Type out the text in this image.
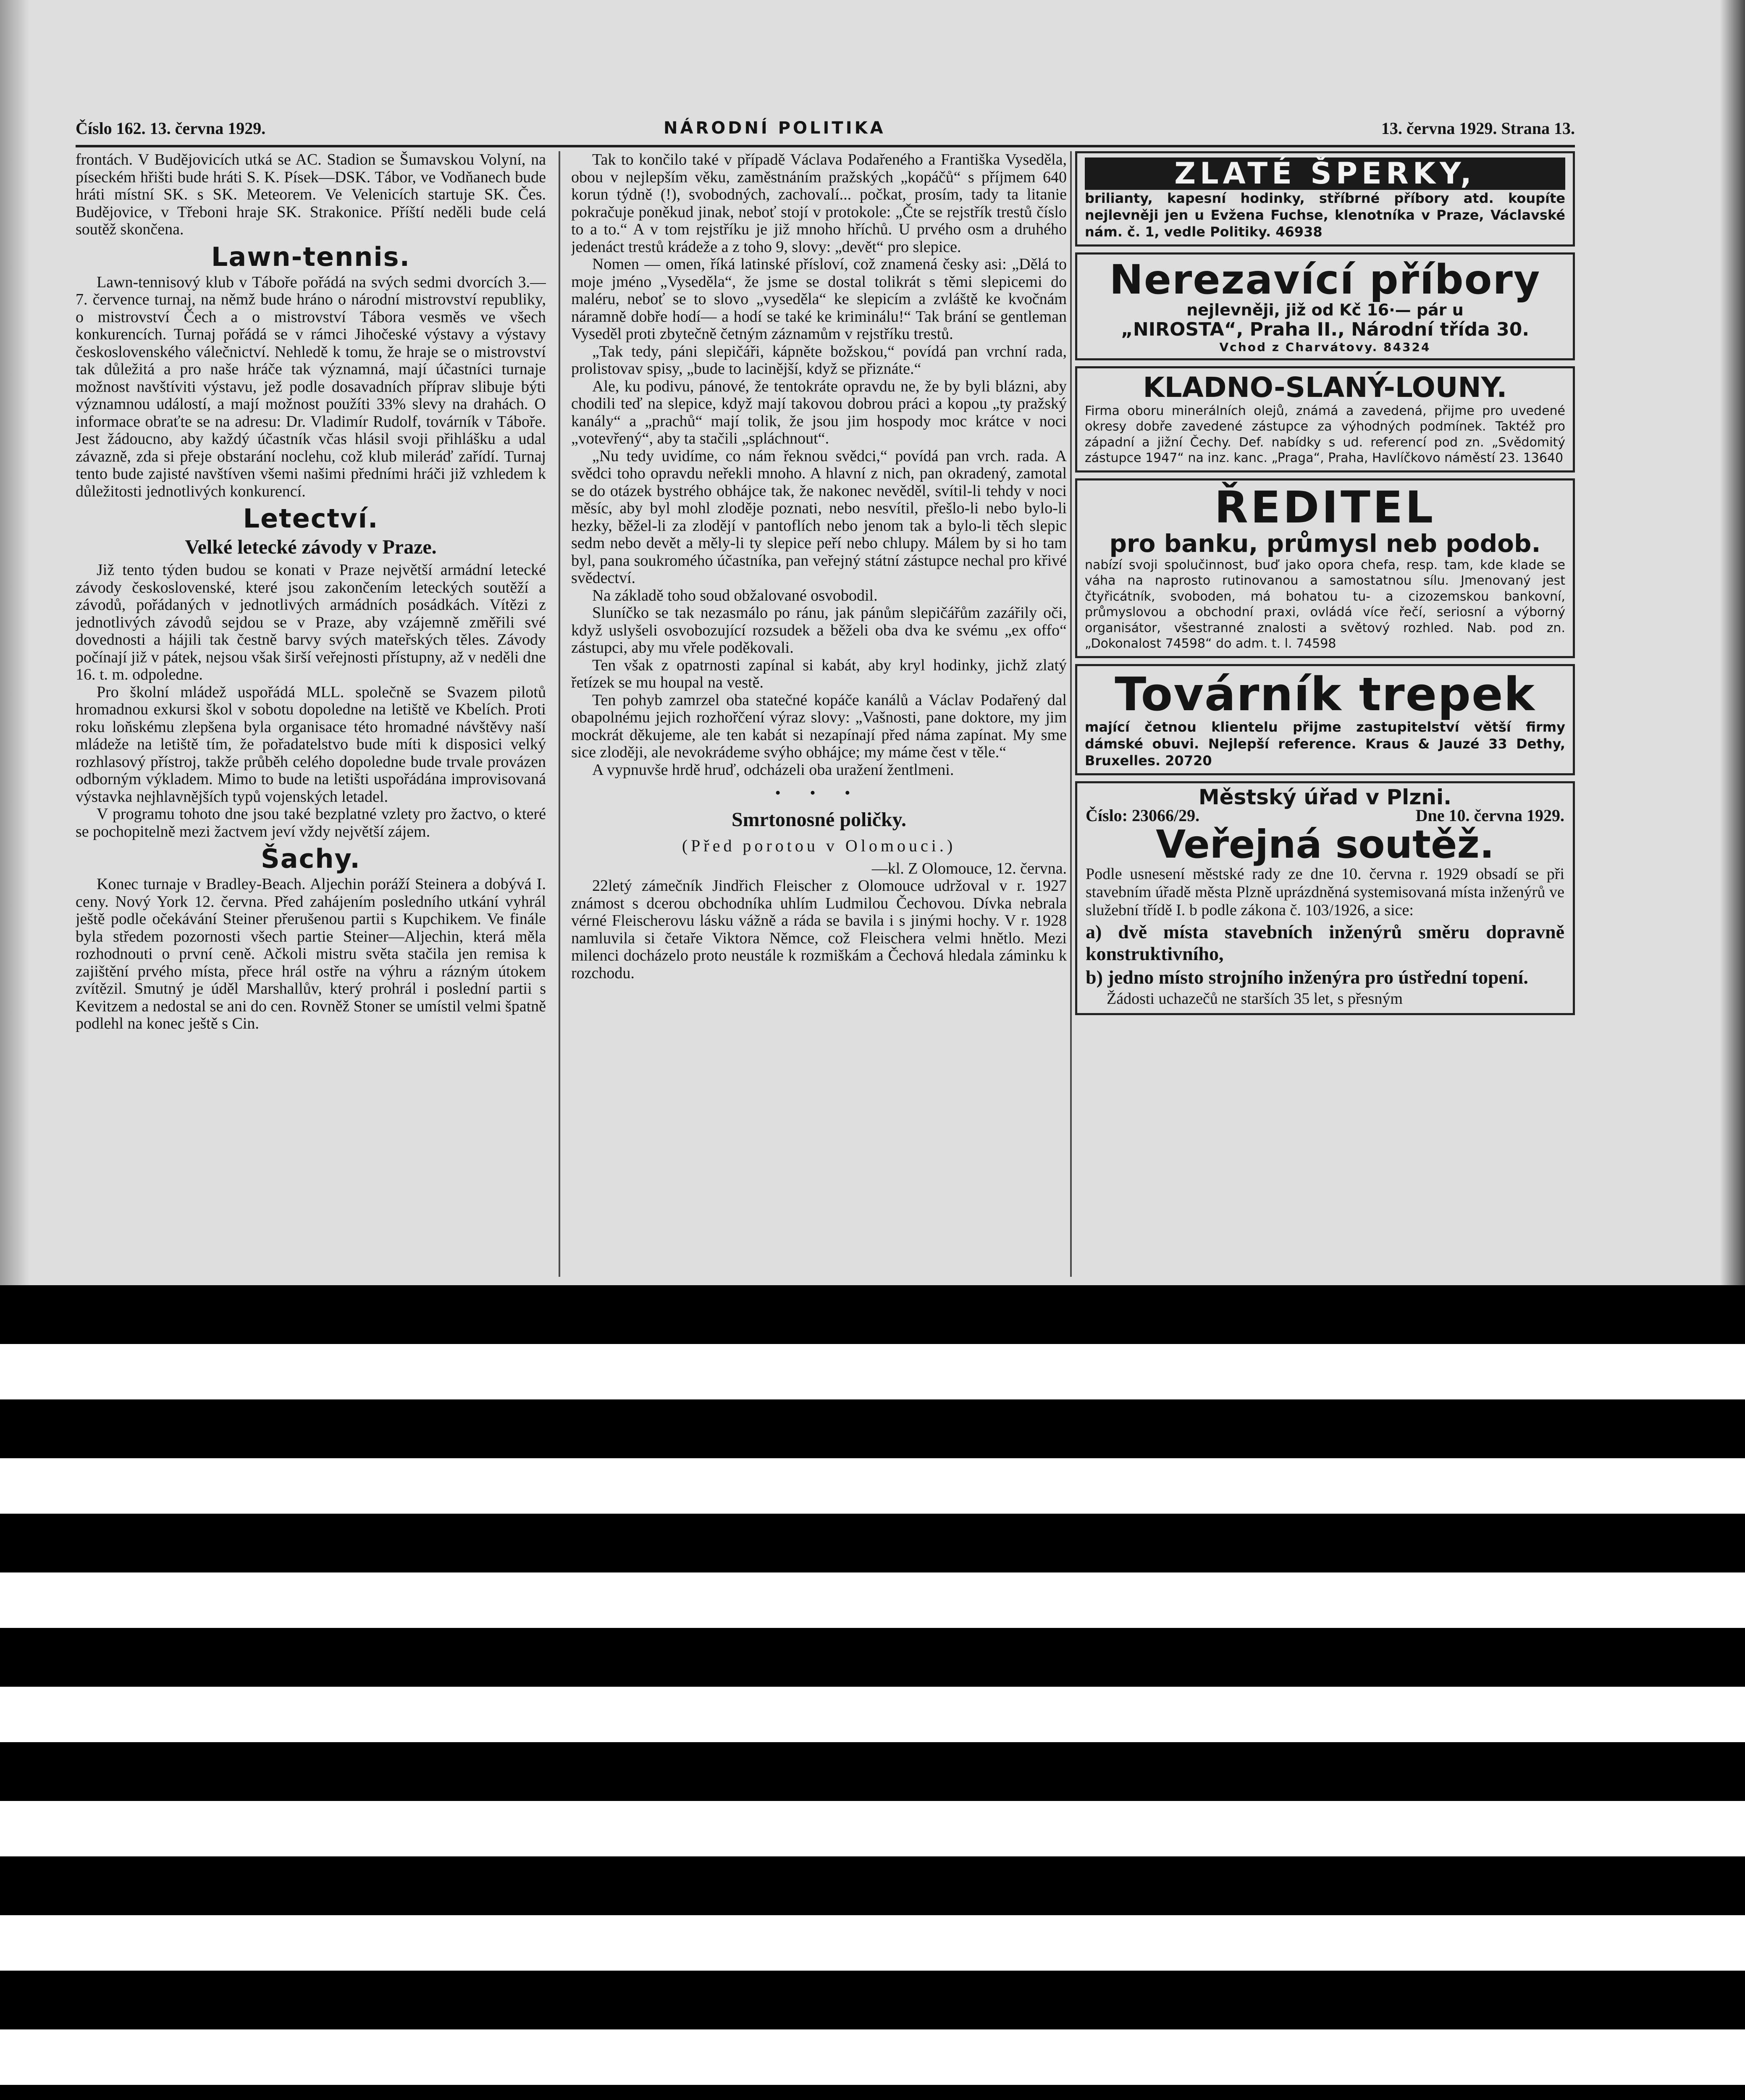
Číslo 162. 13. června 1929.	NÁRODNÍ POLITIKA	13. června 1929. Strana 13.

frontách. V Budějovicích utká se AC. Stadion se Šumavskou Volyní, na píseckém hřišti bude hráti S. K. Písek—DSK. Tábor, ve Vodňanech bude hráti místní SK. s SK. Meteorem. Ve Velenicích startuje SK. Čes. Budějovice, v Třeboni hraje SK. Strakonice. Příští neděli bude celá soutěž skončena.

Lawn-tennis.

Lawn-tennisový klub v Táboře pořádá na svých sedmi dvorcích 3.—7. července turnaj, na němž bude hráno o národní mistrovství republiky, o mistrovství Čech a o mistrovství Tábora vesměs ve všech konkurencích. Turnaj pořádá se v rámci Jihočeské výstavy a výstavy československého válečnictví. Nehledě k tomu, že hraje se o mistrovství tak důležitá a pro naše hráče tak významná, mají účastníci turnaje možnost navštíviti výstavu, jež podle dosavadních příprav slibuje býti významnou událostí, a mají možnost použíti 33% slevy na drahách. O informace obraťte se na adresu: Dr. Vladimír Rudolf, továrník v Táboře. Jest žádoucno, aby každý účastník včas hlásil svoji přihlášku a udal závazně, zda si přeje obstarání noclehu, což klub mileráď zařídí. Turnaj tento bude zajisté navštíven všemi našimi předními hráči již vzhledem k důležitosti jednotlivých konkurencí.

Letectví.
Velké letecké závody v Praze.

Již tento týden budou se konati v Praze největší armádní letecké závody československé, které jsou zakončením leteckých soutěží a závodů, pořádaných v jednotlivých armádních posádkách. Vítězi z jednotlivých závodů sejdou se v Praze, aby vzájemně změřili své dovednosti a hájili tak čestně barvy svých mateřských těles. Závody počínají již v pátek, nejsou však širší veřejnosti přístupny, až v neděli dne 16. t. m. odpoledne.

Pro školní mládež uspořádá MLL. společně se Svazem pilotů hromadnou exkursi škol v sobotu dopoledne na letiště ve Kbelích. Proti roku loňskému zlepšena byla organisace této hromadné návštěvy naší mládeže na letiště tím, že pořadatelstvo bude míti k disposici velký rozhlasový přístroj, takže průběh celého dopoledne bude trvale provázen odborným výkladem. Mimo to bude na letišti uspořádána improvisovaná výstavka nejhlavnějších typů vojenských letadel.

V programu tohoto dne jsou také bezplatné vzlety pro žactvo, o které se pochopitelně mezi žactvem jeví vždy největší zájem.

Šachy.

Konec turnaje v Bradley-Beach. Aljechin poráží Steinera a dobývá I. ceny. Nový York 12. června. Před zahájením posledního utkání vyhrál ještě podle očekávání Steiner přerušenou partii s Kupchikem. Ve finále byla středem pozornosti všech partie Steiner—Aljechin, která měla rozhodnouti o první ceně. Ačkoli mistru světa stačila jen remisa k zajištění prvého místa, přece hrál ostře na výhru a rázným útokem zvítězil. Smutný je úděl Marshallův, který prohrál i poslední partii s Kevitzem a nedostal se ani do cen. Rovněž Stoner se umístil velmi špatně podlehl na konec ještě s Cin.

Tak to končilo také v případě Václava Podařeného a Františka Vyseděla, obou v nejlepším věku, zaměstnáním pražských „kopáčů“ s příjmem 640 korun týdně (!), svobodných, zachovalí... počkat, prosím, tady ta litanie pokračuje poněkud jinak, neboť stojí v protokole: „Čte se rejstřík trestů číslo to a to.“ A v tom rejstříku je již mnoho hříchů. U prvého osm a druhého jedenáct trestů krádeže a z toho 9, slovy: „devět“ pro slepice.

Nomen — omen, říká latinské přísloví, což znamená česky asi: „Dělá to moje jméno „Vyseděla“, že jsme se dostal tolikrát s těmi slepicemi do maléru, neboť se to slovo „vyseděla“ ke slepicím a zvláště ke kvočnám náramně dobře hodí— a hodí se také ke kriminálu!“ Tak brání se gentleman Vyseděl proti zbytečně četným záznamům v rejstříku trestů.

„Tak tedy, páni slepičáři, kápněte božskou,“ povídá pan vrchní rada, prolistovav spisy, „bude to lacinější, když se přiznáte.“

Ale, ku podivu, pánové, že tentokráte opravdu ne, že by byli blázni, aby chodili teď na slepice, když mají takovou dobrou práci a kopou „ty pražský kanály“ a „prachů“ mají tolik, že jsou jim hospody moc krátce v noci „votevřený“, aby ta stačili „spláchnout“.

„Nu tedy uvidíme, co nám řeknou svědci,“ povídá pan vrch. rada. A svědci toho opravdu neřekli mnoho. A hlavní z nich, pan okradený, zamotal se do otázek bystrého obhájce tak, že nakonec nevěděl, svítil-li tehdy v noci měsíc, aby byl mohl zloděje poznati, nebo nesvítil, přešlo-li nebo bylo-li hezky, běžel-li za zlodějí v pantoflích nebo jenom tak a bylo-li těch slepic sedm nebo devět a měly-li ty slepice peří nebo chlupy. Málem by si ho tam byl, pana soukromého účastníka, pan veřejný státní zástupce nechal pro křivé svědectví.

Na základě toho soud obžalované osvobodil.

Sluníčko se tak nezasmálo po ránu, jak pánům slepičářům zazářily oči, když uslyšeli osvobozující rozsudek a běželi oba dva ke svému „ex offo“ zástupci, aby mu vřele poděkovali.

Ten však z opatrnosti zapínal si kabát, aby kryl hodinky, jichž zlatý řetízek se mu houpal na vestě.

Ten pohyb zamrzel oba statečné kopáče kanálů a Václav Podařený dal obapolnému jejich rozhořčení výraz slovy: „Vašnosti, pane doktore, my jim mockrát děkujeme, ale ten kabát si nezapínají před náma zapínat. My sme sice zloději, ale nevokrádeme svýho obhájce; my máme čest v těle.“

A vypnuvše hrdě hruď, odcházeli oba uražení žentlmeni.

• • •
Smrtonosné poličky.
(Před porotou v Olomouci.)
—kl. Z Olomouce, 12. června.

22letý zámečník Jindřich Fleischer z Olomouce udržoval v r. 1927 známost s dcerou obchodníka uhlím Ludmilou Čechovou. Dívka nebrala vérné Fleischerovu lásku vážně a ráda se bavila i s jinými hochy. V r. 1928 namluvila si četaře Viktora Němce, což Fleischera velmi hnětlo. Mezi milenci docházelo proto neustále k rozmiškám a Čechová hledala záminku k rozchodu.

ZLATÉ ŠPERKY,
brilianty, kapesní hodinky, stříbrné příbory atd. koupíte nejlevněji jen u Evžena Fuchse, klenotníka v Praze, Václavské nám. č. 1, vedle Politiky. 46938
Nerezavící příbory
nejlevněji, již od Kč 16·— pár u
„NIROSTA“, Praha II., Národní třída 30.
Vchod z Charvátovy. 84324
KLADNO-SLANÝ-LOUNY.
Firma oboru minerálních olejů, známá a zavedená, přijme pro uvedené okresy dobře zavedené zástupce za výhodných podmínek. Taktéž pro západní a jižní Čechy. Def. nabídky s ud. referencí pod zn. „Svědomitý zástupce 1947“ na inz. kanc. „Praga“, Praha, Havlíčkovo náměstí 23. 13640
ŘEDITEL
pro banku, průmysl neb podob.
nabízí svoji spolučinnost, buď jako opora chefa, resp. tam, kde klade se váha na naprosto rutinovanou a samostatnou sílu. Jmenovaný jest čtyřicátník, svoboden, má bohatou tu- a cizozemskou bankovní, průmyslovou a obchodní praxi, ovládá více řečí, seriosní a výborný organisátor, všestranné znalosti a světový rozhled. Nab. pod zn. „Dokonalost 74598“ do adm. t. l. 74598
Továrník trepek
mající četnou klientelu přijme zastupitelství větší firmy dámské obuvi. Nejlepší reference. Kraus & Jauzé 33 Dethy, Bruxelles. 20720
Městský úřad v Plzni.
Číslo: 23066/29.	Dne 10. června 1929.
Veřejná soutěž.
Podle usnesení městské rady ze dne 10. června r. 1929 obsadí se při stavebním úřadě města Plzně uprázdněná systemisovaná místa inženýrů ve služební třídě I. b podle zákona č. 103/1926, a sice:
a) dvě místa stavebních inženýrů směru dopravně konstruktivního,
b) jedno místo strojního inženýra pro ústřední topení.
Žádosti uchazečů ne starších 35 let, s přesným
